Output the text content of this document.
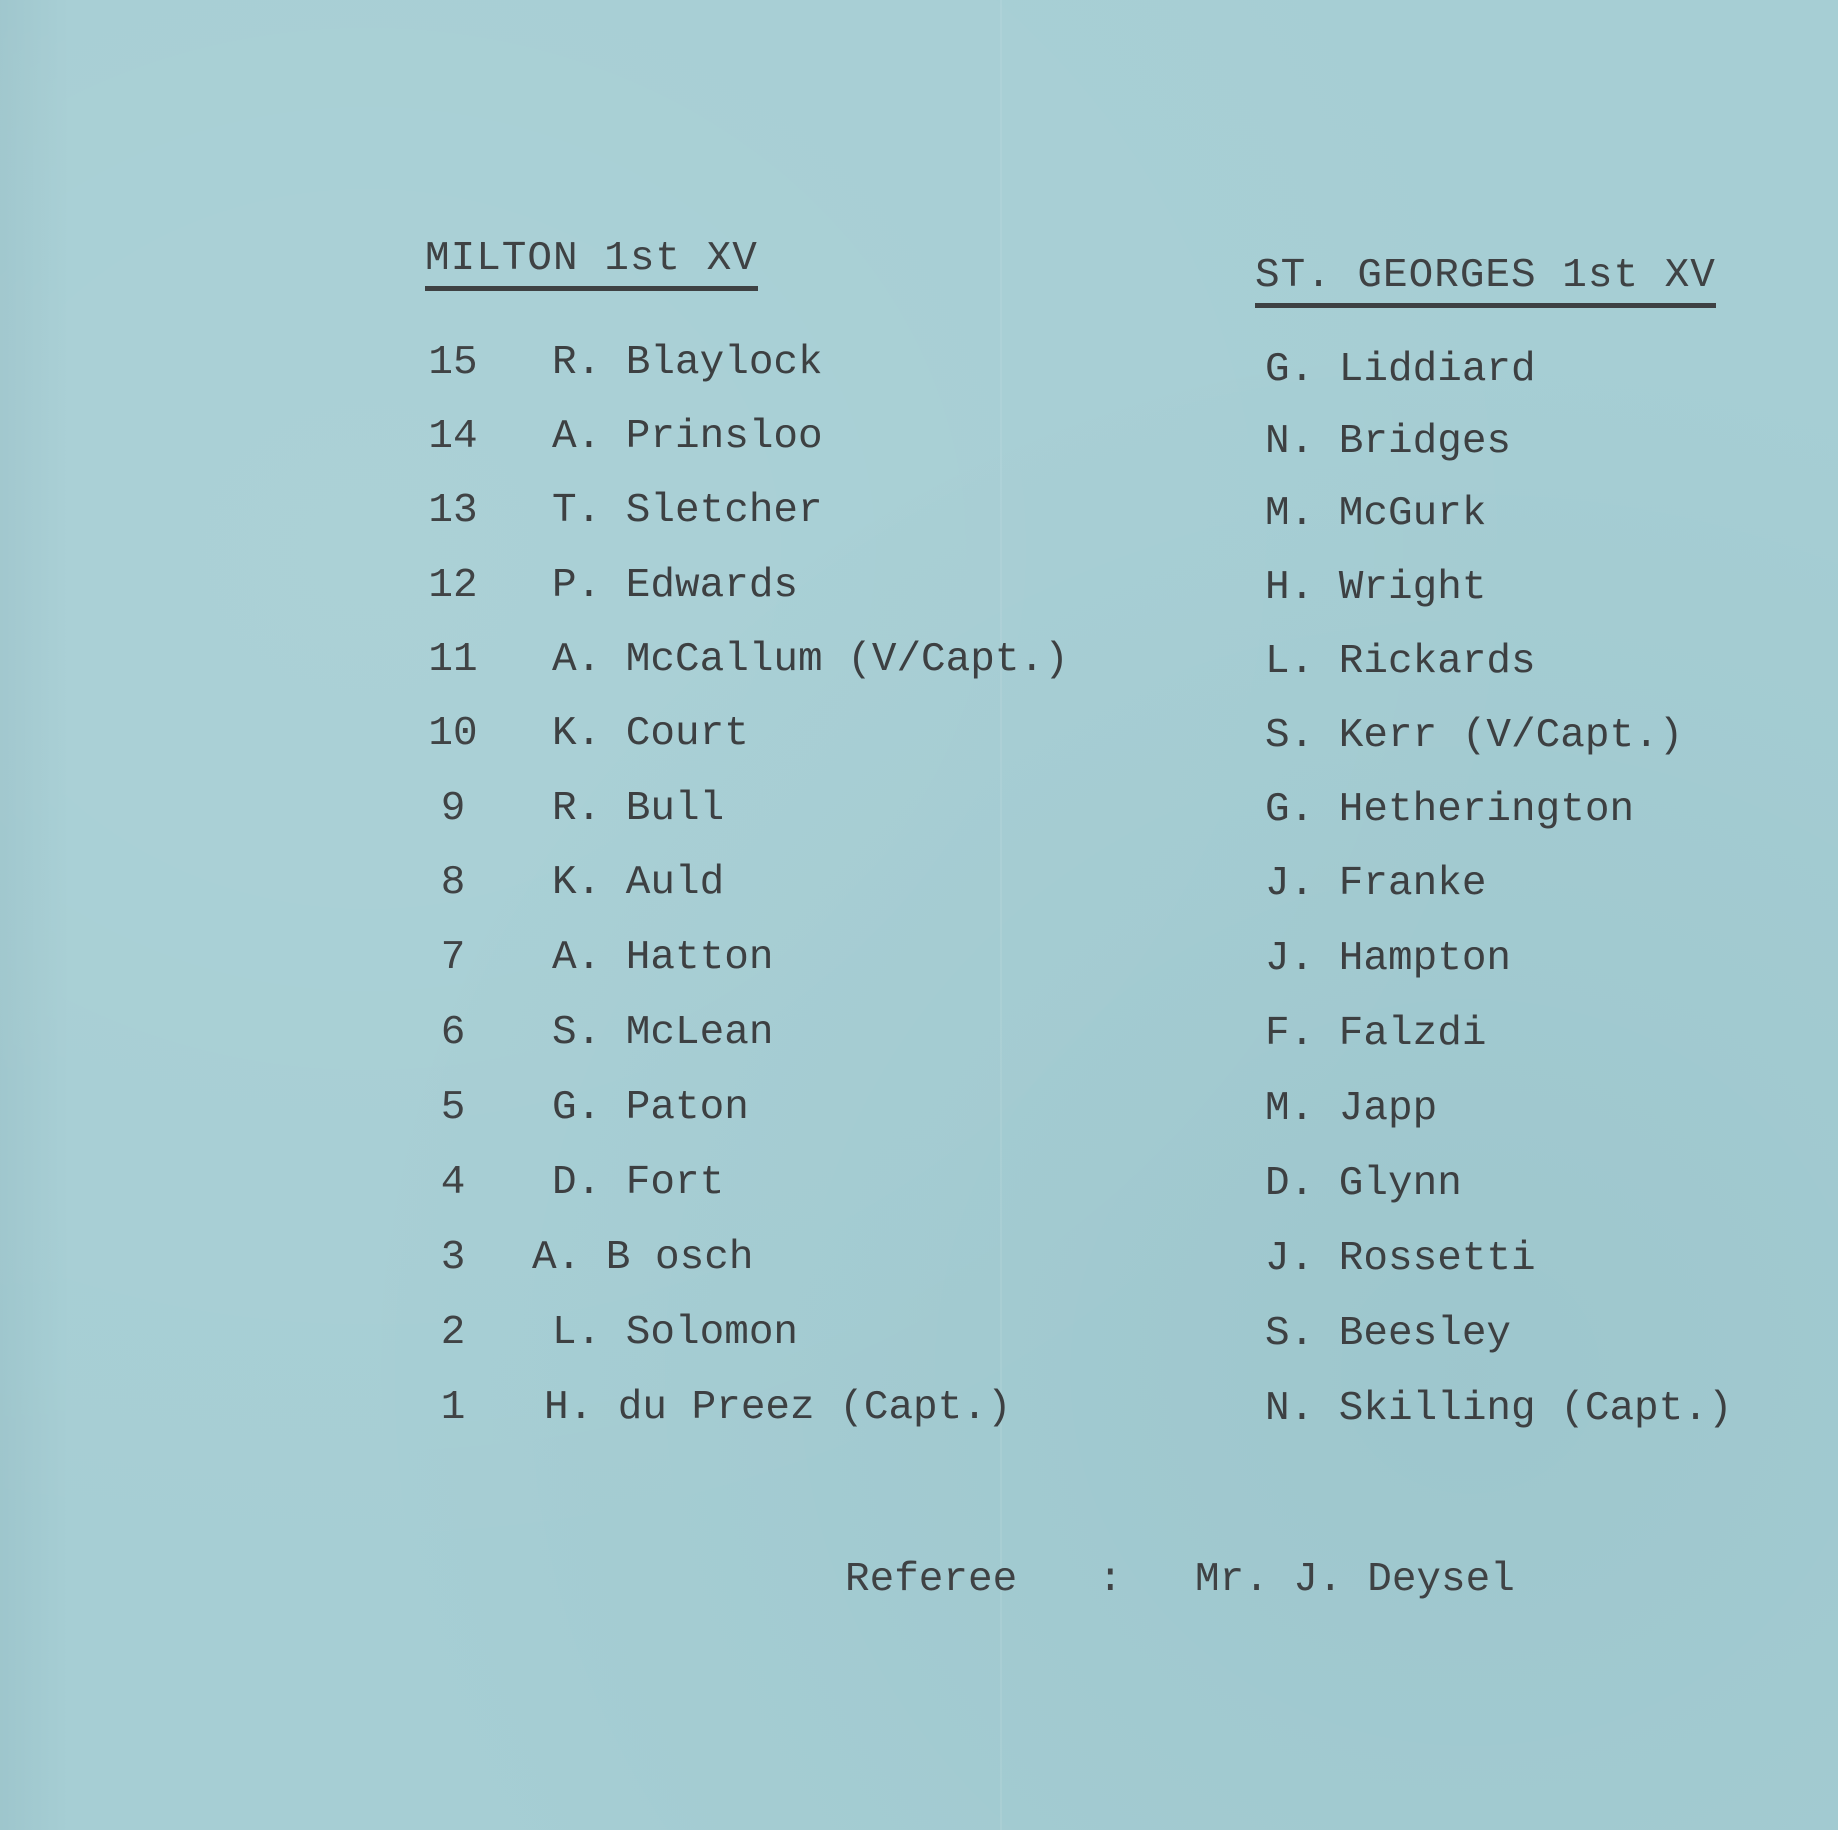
MILTON 1st XV	ST. GEORGES 1st XV
15 R. Blaylock	G. Liddiard
14 A. Prinsloo	N. Bridges
13 T. Sletcher	M. McGurk
12 P. Edwards	H. Wright
11 A. McCallum (V/Capt.)	L. Rickards
10 K. Court	S. Kerr (V/Capt.)
9	R. Bull	G. Hetherington
8	K. Auld	J. Franke
7	A. Hatton	J. Hampton
6	S. McLean	F. Falzdi
5	G. Paton	M. Japp
4	D. Fort	D. Glynn
3	A. B osch	J. Rossetti
2	L. Solomon	S. Beesley
1	H. du Preez (Capt.)	N. Skilling (Capt.)
Referee : Mr. J. Deysel
